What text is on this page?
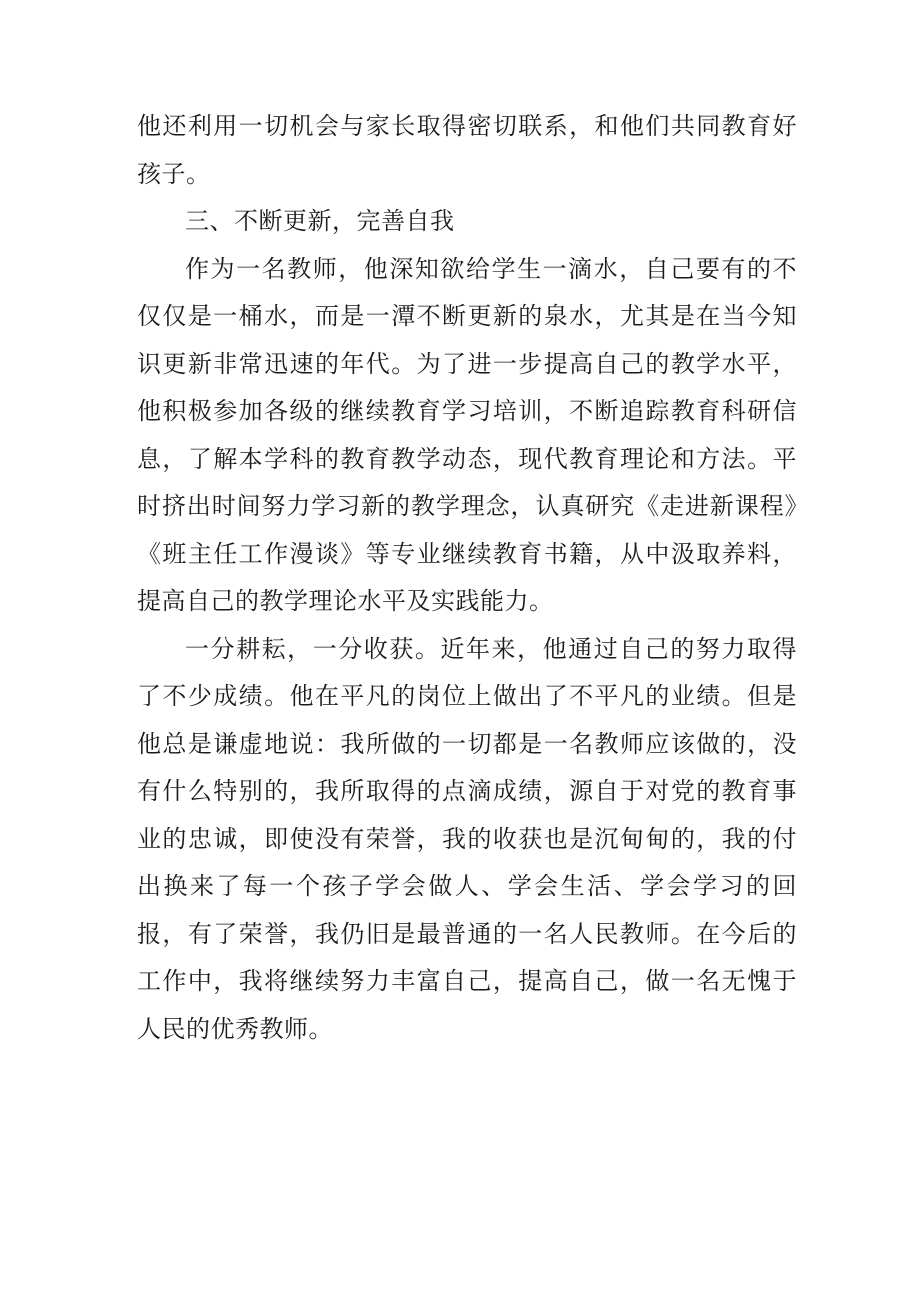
他还利用一切机会与家长取得密切联系，和他们共同教育好孩子。

三、不断更新，完善自我

作为一名教师，他深知欲给学生一滴水，自己要有的不仅仅是一桶水，而是一潭不断更新的泉水，尤其是在当今知识更新非常迅速的年代。为了进一步提高自己的教学水平，他积极参加各级的继续教育学习培训，不断追踪教育科研信息，了解本学科的教育教学动态，现代教育理论和方法。平时挤出时间努力学习新的教学理念，认真研究《走进新课程》《班主任工作漫谈》等专业继续教育书籍，从中汲取养料，提高自己的教学理论水平及实践能力。

一分耕耘，一分收获。近年来，他通过自己的努力取得了不少成绩。他在平凡的岗位上做出了不平凡的业绩。但是他总是谦虚地说：我所做的一切都是一名教师应该做的，没有什么特别的，我所取得的点滴成绩，源自于对党的教育事业的忠诚，即使没有荣誉，我的收获也是沉甸甸的，我的付出换来了每一个孩子学会做人、学会生活、学会学习的回报，有了荣誉，我仍旧是最普通的一名人民教师。在今后的工作中，我将继续努力丰富自己，提高自己，做一名无愧于人民的优秀教师。
